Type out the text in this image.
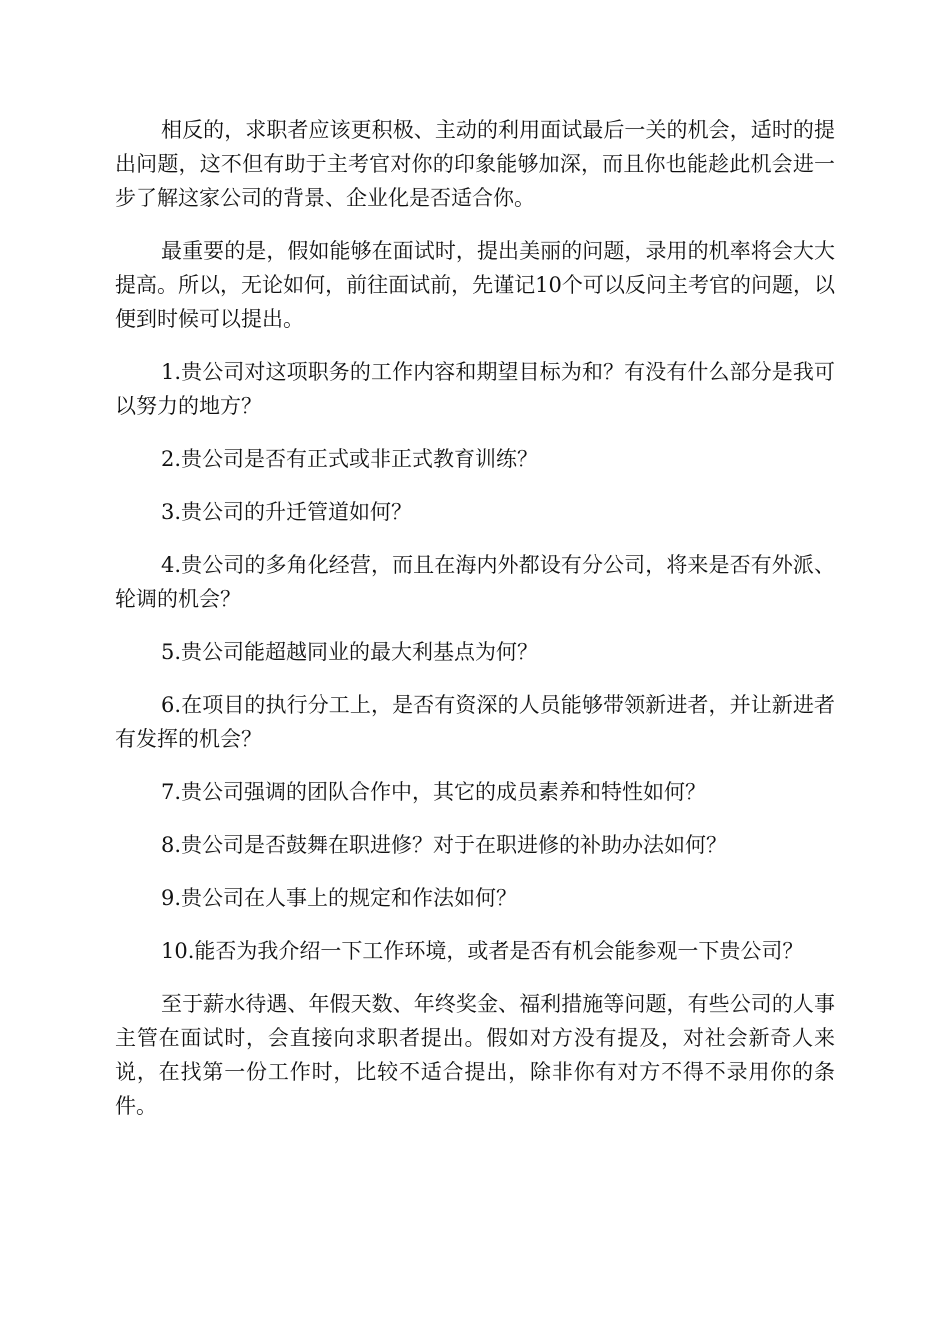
相反的，求职者应该更积极、主动的利用面试最后一关的机会，适时的提出问题，这不但有助于主考官对你的印象能够加深，而且你也能趁此机会进一步了解这家公司的背景、企业化是否适合你。

最重要的是，假如能够在面试时，提出美丽的问题，录用的机率将会大大提高。所以，无论如何，前往面试前，先谨记10个可以反问主考官的问题，以便到时候可以提出。

1.贵公司对这项职务的工作内容和期望目标为和？有没有什么部分是我可以努力的地方？

2.贵公司是否有正式或非正式教育训练？

3.贵公司的升迁管道如何？

4.贵公司的多角化经营，而且在海内外都设有分公司，将来是否有外派、轮调的机会？

5.贵公司能超越同业的最大利基点为何？

6.在项目的执行分工上，是否有资深的人员能够带领新进者，并让新进者有发挥的机会？

7.贵公司强调的团队合作中，其它的成员素养和特性如何？

8.贵公司是否鼓舞在职进修？对于在职进修的补助办法如何？

9.贵公司在人事上的规定和作法如何？

10.能否为我介绍一下工作环境，或者是否有机会能参观一下贵公司？

至于薪水待遇、年假天数、年终奖金、福利措施等问题，有些公司的人事主管在面试时，会直接向求职者提出。假如对方没有提及，对社会新奇人来说，在找第一份工作时，比较不适合提出，除非你有对方不得不录用你的条件。
